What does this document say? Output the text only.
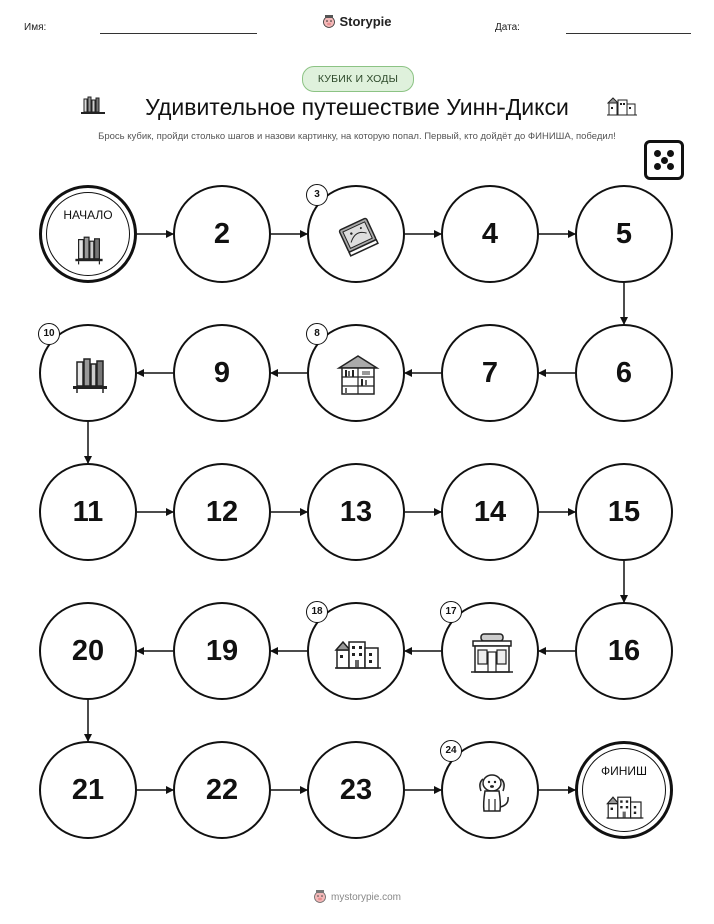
Имя:	Storypie	Дата:
КУБИК И ХОДЫ
Удивительное путешествие Уинн-Дикси
Брось кубик, пройди столько шагов и назови картинку, на которую попал. Первый, кто дойдёт до ФИНИША, победил!
НАЧАЛО
2
3
4	5
6
7
8
9
10
11	12	13	14	15
16
17
18
19
20
21	22	23
24
ФИНИШ
mystorypie.com
